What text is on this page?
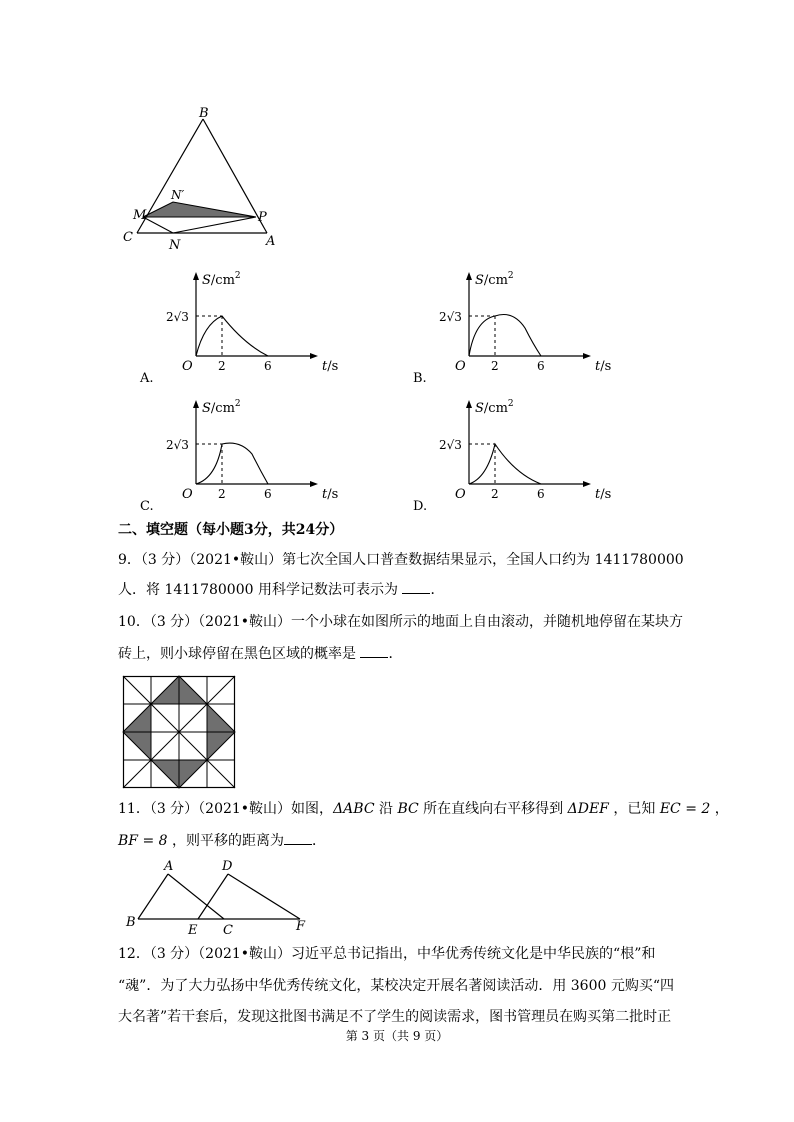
B
N′
M	P
C
N	A
A.
$S/cm^2$
2√3
O 2	6	t/s
B.
$S/cm^2$
2√3
O 2	6	t/s
C.
$S/cm^2$
2√3
O 2	6	t/s
D.
$S/cm^2$
2√3
O 2	6	t/s
二、填空题（每小题3分，共24分）
9．（3 分）（2021•鞍山）第七次全国人口普查数据结果显示，全国人口约为 1411780000
人．将 1411780000 用科学记数法可表示为 ．
10．（3 分）（2021•鞍山）一个小球在如图所示的地面上自由滚动，并随机地停留在某块方
砖上，则小球停留在黑色区域的概率是 ．
11．（3 分）（2021•鞍山）如图，ΔABC 沿 BC 所在直线向右平移得到 ΔDEF ，已知 EC = 2 ，
BF = 8 ，则平移的距离为 ．
A	D
B
E C	F
12．（3 分）（2021•鞍山）习近平总书记指出，中华优秀传统文化是中华民族的“根”和
“魂”．为了大力弘扬中华优秀传统文化，某校决定开展名著阅读活动．用 3600 元购买“四
大名著”若干套后，发现这批图书满足不了学生的阅读需求，图书管理员在购买第二批时正
第 3 页（共 9 页）
